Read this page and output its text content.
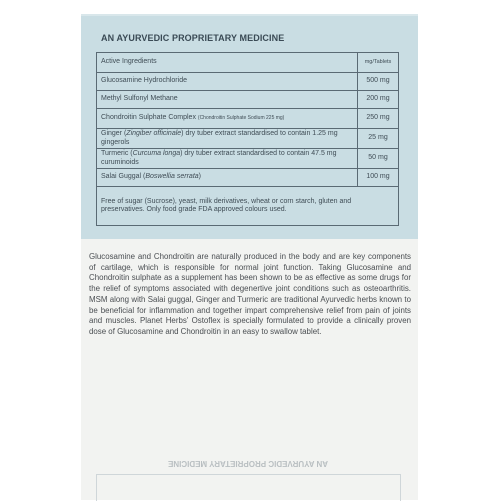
AN AYURVEDIC PROPRIETARY MEDICINE
Active Ingredients	mg/Tablets
Glucosamine Hydrochloride	500 mg
Methyl Sulfonyl Methane	200 mg
Chondroitin Sulphate Complex (Chondroitin Sulphate Sodium 225 mg)	250 mg
Ginger (Zingiber officinale) dry tuber extract standardised to contain 1.25 mg gingerols	25 mg
Turmeric (Curcuma longa) dry tuber extract standardised to contain 47.5 mg curuminoids	50 mg
Salai Guggal (Boswellia serrata)	100 mg
Free of sugar (Sucrose), yeast, milk derivatives, wheat or corn starch, gluten and preservatives. Only food grade FDA approved colours used.	
Glucosamine and Chondroitin are naturally produced in the body and are key components of cartilage, which is responsible for normal joint function. Taking Glucosamine and Chondroitin sulphate as a supplement has been shown to be as effective as some drugs for the relief of symptoms associated with degenertive joint conditions such as osteoarthritis. MSM along with Salai guggal, Ginger and Turmeric are traditional Ayurvedic herbs known to be beneficial for inflammation and together impart comprehensive relief from pain of joints and muscles. Planet Herbs' Ostoflex is specially formulated to provide a clinically proven dose of Glucosamine and Chondroitin in an easy to swallow tablet.
AN AYURVEDIC PROPRIETARY MEDICINE
